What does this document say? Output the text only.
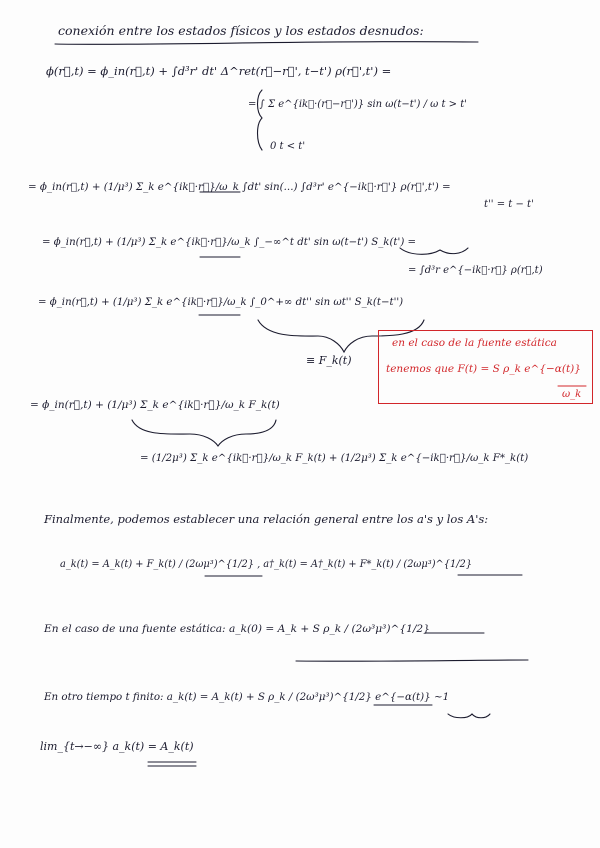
conexión entre los estados físicos y los estados desnudos:
ϕ(r⃗,t) = ϕ_in(r⃗,t) + ∫d³r' dt' Δ^ret(r⃗−r⃗', t−t') ρ(r⃗',t') =
= ∫ Σ e^{ik⃗·(r⃗−r⃗')} sin ω(t−t') / ω t > t'
0 t < t'
= ϕ_in(r⃗,t) + (1/μ³) Σ_k e^{ik⃗·r⃗}/ω_k ∫dt' sin(...) ∫d³r' e^{−ik⃗·r⃗'} ρ(r⃗',t') =
t'' = t − t'
= ϕ_in(r⃗,t) + (1/μ³) Σ_k e^{ik⃗·r⃗}/ω_k ∫_−∞^t dt' sin ω(t−t') S_k(t') =
= ∫d³r e^{−ik⃗·r⃗} ρ(r⃗,t)
= ϕ_in(r⃗,t) + (1/μ³) Σ_k e^{ik⃗·r⃗}/ω_k ∫_0^+∞ dt'' sin ωt'' S_k(t−t'')
≡ F_k(t)
en el caso de la fuente estática
tenemos que F(t) = S ρ_k e^{−α(t)}
ω_k
= ϕ_in(r⃗,t) + (1/μ³) Σ_k e^{ik⃗·r⃗}/ω_k F_k(t)
= (1/2μ³) Σ_k e^{ik⃗·r⃗}/ω_k F_k(t) + (1/2μ³) Σ_k e^{−ik⃗·r⃗}/ω_k F*_k(t)
Finalmente, podemos establecer una relación general entre los a's y los A's:
a_k(t) = A_k(t) + F_k(t) / (2ωμ³)^{1/2} , a†_k(t) = A†_k(t) + F*_k(t) / (2ωμ³)^{1/2}
En el caso de una fuente estática: a_k(0) = A_k + S ρ_k / (2ω³μ³)^{1/2}
En otro tiempo t finito: a_k(t) = A_k(t) + S ρ_k / (2ω³μ³)^{1/2} e^{−α(t)} ~1
lim_{t→−∞} a_k(t) = A_k(t)
